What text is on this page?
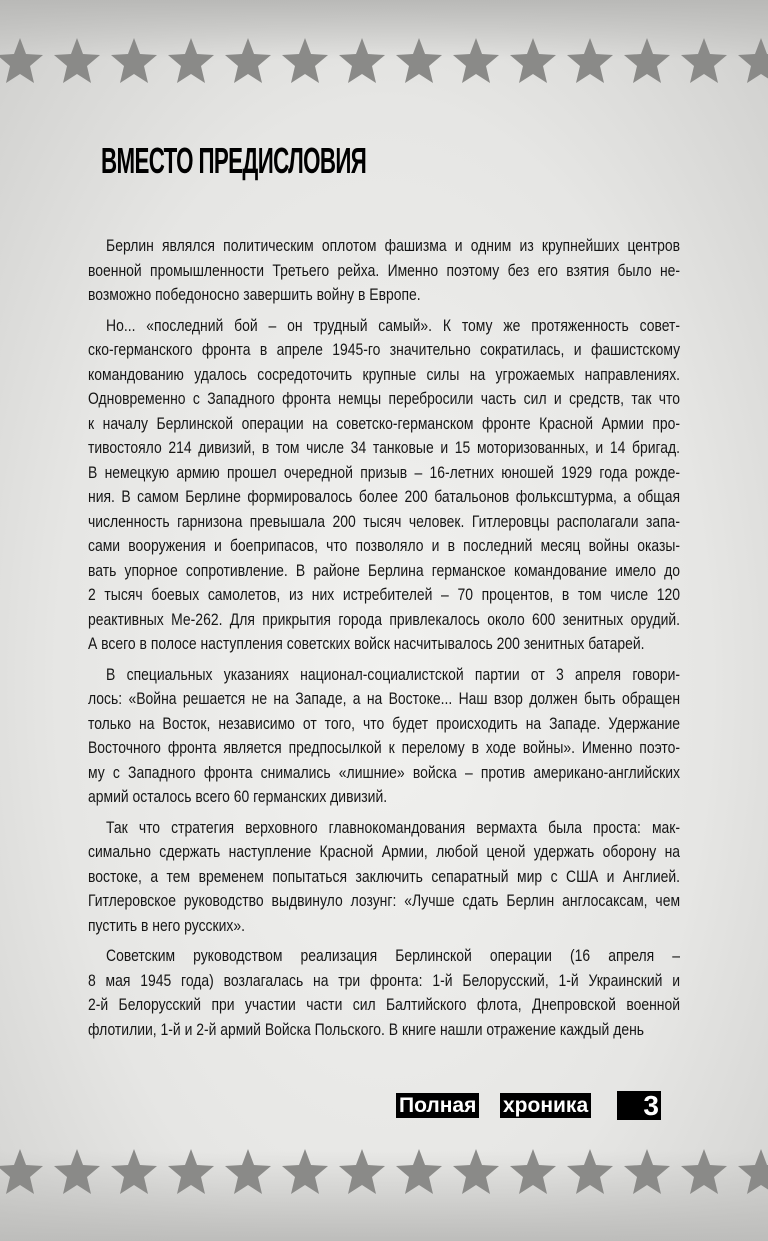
ВМЕСТО ПРЕДИСЛОВИЯ
Берлин являлся политическим оплотом фашизма и одним из крупнейших центров
военной промышленности Третьего рейха. Именно поэтому без его взятия было не-
возможно победоносно завершить войну в Европе.
Но... «последний бой – он трудный самый». К тому же протяженность совет-
ско-германского фронта в апреле 1945-го значительно сократилась, и фашистскому
командованию удалось сосредоточить крупные силы на угрожаемых направлениях.
Одновременно с Западного фронта немцы перебросили часть сил и средств, так что
к началу Берлинской операции на советско-германском фронте Красной Армии про-
тивостояло 214 дивизий, в том числе 34 танковые и 15 моторизованных, и 14 бригад.
В немецкую армию прошел очередной призыв – 16-летних юношей 1929 года рожде-
ния. В самом Берлине формировалось более 200 батальонов фольксштурма, а общая
численность гарнизона превышала 200 тысяч человек. Гитлеровцы располагали запа-
сами вооружения и боеприпасов, что позволяло и в последний месяц войны оказы-
вать упорное сопротивление. В районе Берлина германское командование имело до
2 тысяч боевых самолетов, из них истребителей – 70 процентов, в том числе 120
реактивных Ме-262. Для прикрытия города привлекалось около 600 зенитных орудий.
А всего в полосе наступления советских войск насчитывалось 200 зенитных батарей.
В специальных указаниях национал-социалистской партии от 3 апреля говори-
лось: «Война решается не на Западе, а на Востоке... Наш взор должен быть обращен
только на Восток, независимо от того, что будет происходить на Западе. Удержание
Восточного фронта является предпосылкой к перелому в ходе войны». Именно поэто-
му с Западного фронта снимались «лишние» войска – против американо-английских
армий осталось всего 60 германских дивизий.
Так что стратегия верховного главнокомандования вермахта была проста: мак-
симально сдержать наступление Красной Армии, любой ценой удержать оборону на
востоке, а тем временем попытаться заключить сепаратный мир с США и Англией.
Гитлеровское руководство выдвинуло лозунг: «Лучше сдать Берлин англосаксам, чем
пустить в него русских».
Советским руководством реализация Берлинской операции (16 апреля –
8 мая 1945 года) возлагалась на три фронта: 1-й Белорусский, 1-й Украинский и
2-й Белорусский при участии части сил Балтийского флота, Днепровской военной
флотилии, 1-й и 2-й армий Войска Польского. В книге нашли отражение каждый день
Полная хроника	3
